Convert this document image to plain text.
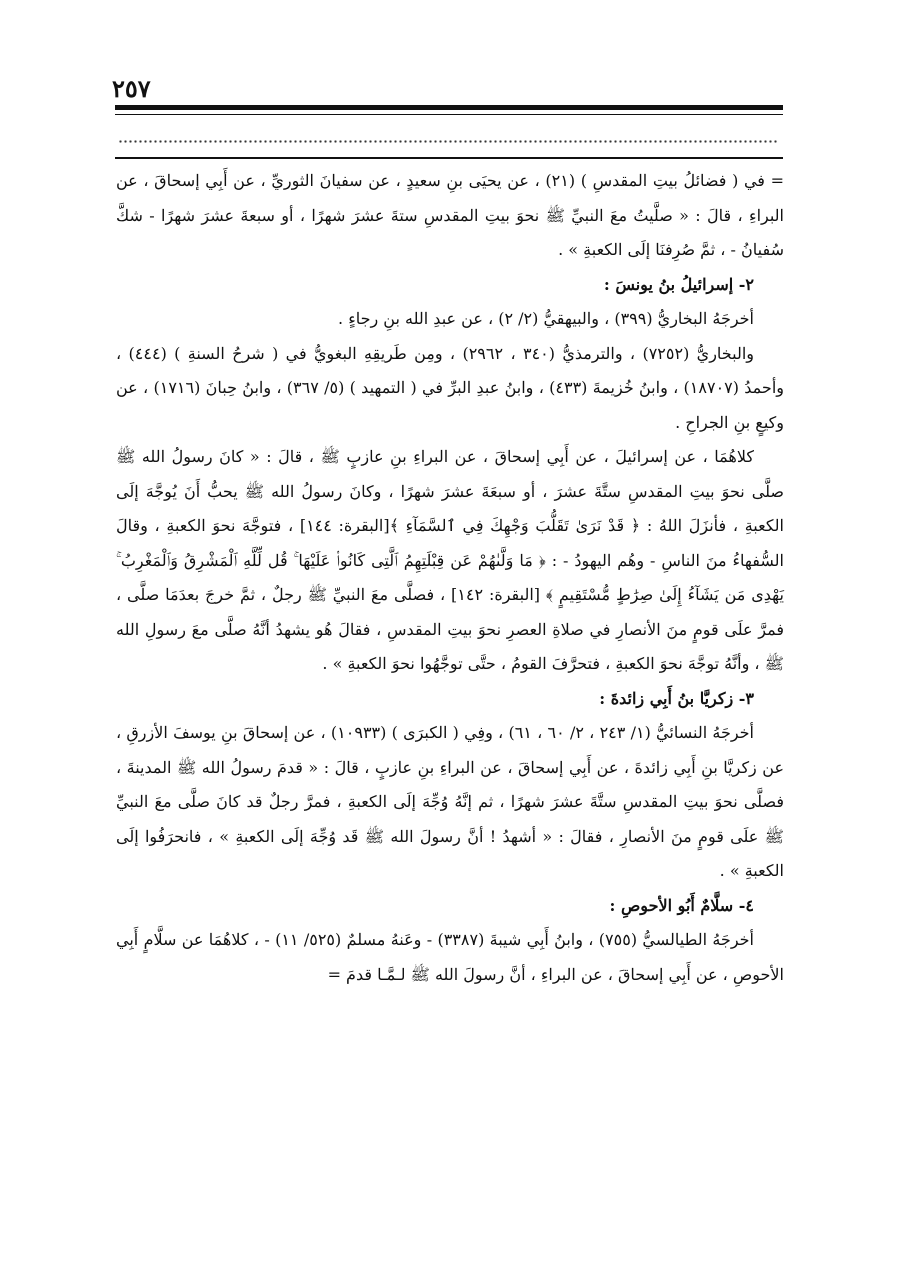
٢٥٧

= في ( فضائلُ بيتِ المقدسِ ) (٢١) ، عن يحيَى بنِ سعيدٍ ، عن سفيانَ الثوريِّ ، عن أَبِي إسحاقَ ، عن البراءِ ، قالَ : « صلَّيتُ معَ النبيِّ ﷺ نحوَ بيتِ المقدسِ ستةَ عشرَ شهرًا ، أو سبعةَ عشرَ شهرًا - شكَّ سُفيانُ - ، ثمَّ صُرِفنَا إلَى الكعبةِ » .

٢- إسرائيلُ بنُ يونسَ :

أخرجَهُ البخاريُّ (٣٩٩) ، والبيهقيُّ (٢/ ٢) ، عن عبدِ الله بنِ رجاءٍ .

والبخاريُّ (٧٢٥٢) ، والترمذيُّ (٣٤٠ ، ٢٩٦٢) ، ومِن طَريقِهِ البغويُّ في ( شرحُ السنةِ ) (٤٤٤) ، وأحمدُ (١٨٧٠٧) ، وابنُ خُزيمةَ (٤٣٣) ، وابنُ عبدِ البرِّ في ( التمهيد ) (٥/ ٣٦٧) ، وابنُ حِبانَ (١٧١٦) ، عن وكيعٍ بنِ الجراحِ .

كلاهُمَا ، عن إسرائيلَ ، عن أَبِي إسحاقَ ، عن البراءِ بنِ عازبٍ ﷺ ، قالَ : « كانَ رسولُ الله ﷺ صلَّى نحوَ بيتِ المقدسِ ستَّةَ عشرَ ، أو سبعَةَ عشرَ شهرًا ، وكانَ رسولُ الله ﷺ يحبُّ أَنَ يُوجَّهَ إلَى الكعبةِ ، فأنزَلَ اللهُ : ﴿ قَدْ نَرَىٰ تَقَلُّبَ وَجْهِكَ فِي ٱلسَّمَآءِ ﴾[البقرة: ١٤٤] ، فتوجَّهَ نحوَ الكعبةِ ، وقالَ السُّفهاءُ منَ الناسِ - وهُم اليهودُ - : ﴿ مَا وَلَّىٰهُمْ عَن قِبْلَتِهِمُ ٱلَّتِى كَانُوا۟ عَلَيْهَا ۚ قُل لِّلَّهِ ٱلْمَشْرِقُ وَٱلْمَغْرِبُ ۚ يَهْدِى مَن يَشَآءُ إِلَىٰ صِرَٰطٍ مُّسْتَقِيمٍ ﴾ [البقرة: ١٤٢] ، فصلَّى معَ النبيِّ ﷺ رجلٌ ، ثمَّ خرجَ بعدَمَا صلَّى ، فمرَّ علَى قومٍ منَ الأنصارِ في صلاةِ العصرِ نحوَ بيتِ المقدسِ ، فقالَ هُو يشهدُ أنَّهُ صلَّى معَ رسولِ الله ﷺ ، وأنَّهُ توجَّهَ نحوَ الكعبةِ ، فتحرَّفَ القومُ ، حتَّى توجَّهُوا نحوَ الكعبةِ » .

٣- زكريَّا بنُ أَبِي زائدةَ :

أخرجَهُ النسائيُّ (١/ ٢٤٣ ، ٢/ ٦٠ ، ٦١) ، وفِي ( الكبرَى ) (١٠٩٣٣) ، عن إسحاقَ بنِ يوسفَ الأزرقِ ، عن زكريَّا بنِ أَبِي زائدةَ ، عن أَبِي إسحاقَ ، عن البراءِ بنِ عازبٍ ، قالَ : « قدمَ رسولُ الله ﷺ المدينةَ ، فصلَّى نحوَ بيتِ المقدسِ ستَّةَ عشرَ شهرًا ، ثم إنَّهُ وُجِّهَ إلَى الكعبةِ ، فمرَّ رجلٌ قد كانَ صلَّى معَ النبيِّ ﷺ علَى قومٍ منَ الأنصارِ ، فقالَ : « أشهدُ ! أنَّ رسولَ الله ﷺ قَد وُجِّهَ إلَى الكعبةِ » ، فانحرَفُوا إلَى الكعبةِ » .

٤- سلَّامٌ أَبُو الأحوصِ :

أخرجَهُ الطيالسيُّ (٧٥٥) ، وابنُ أَبِي شيبةَ (٣٣٨٧) - وعَنهُ مسلمٌ (٥٢٥/ ١١) - ، كلاهُمَا عن سلَّامٍ أَبِي الأحوصِ ، عن أَبِي إسحاقَ ، عن البراءِ ، أنَّ رسولَ الله ﷺ لـمَّـا قدمَ =
